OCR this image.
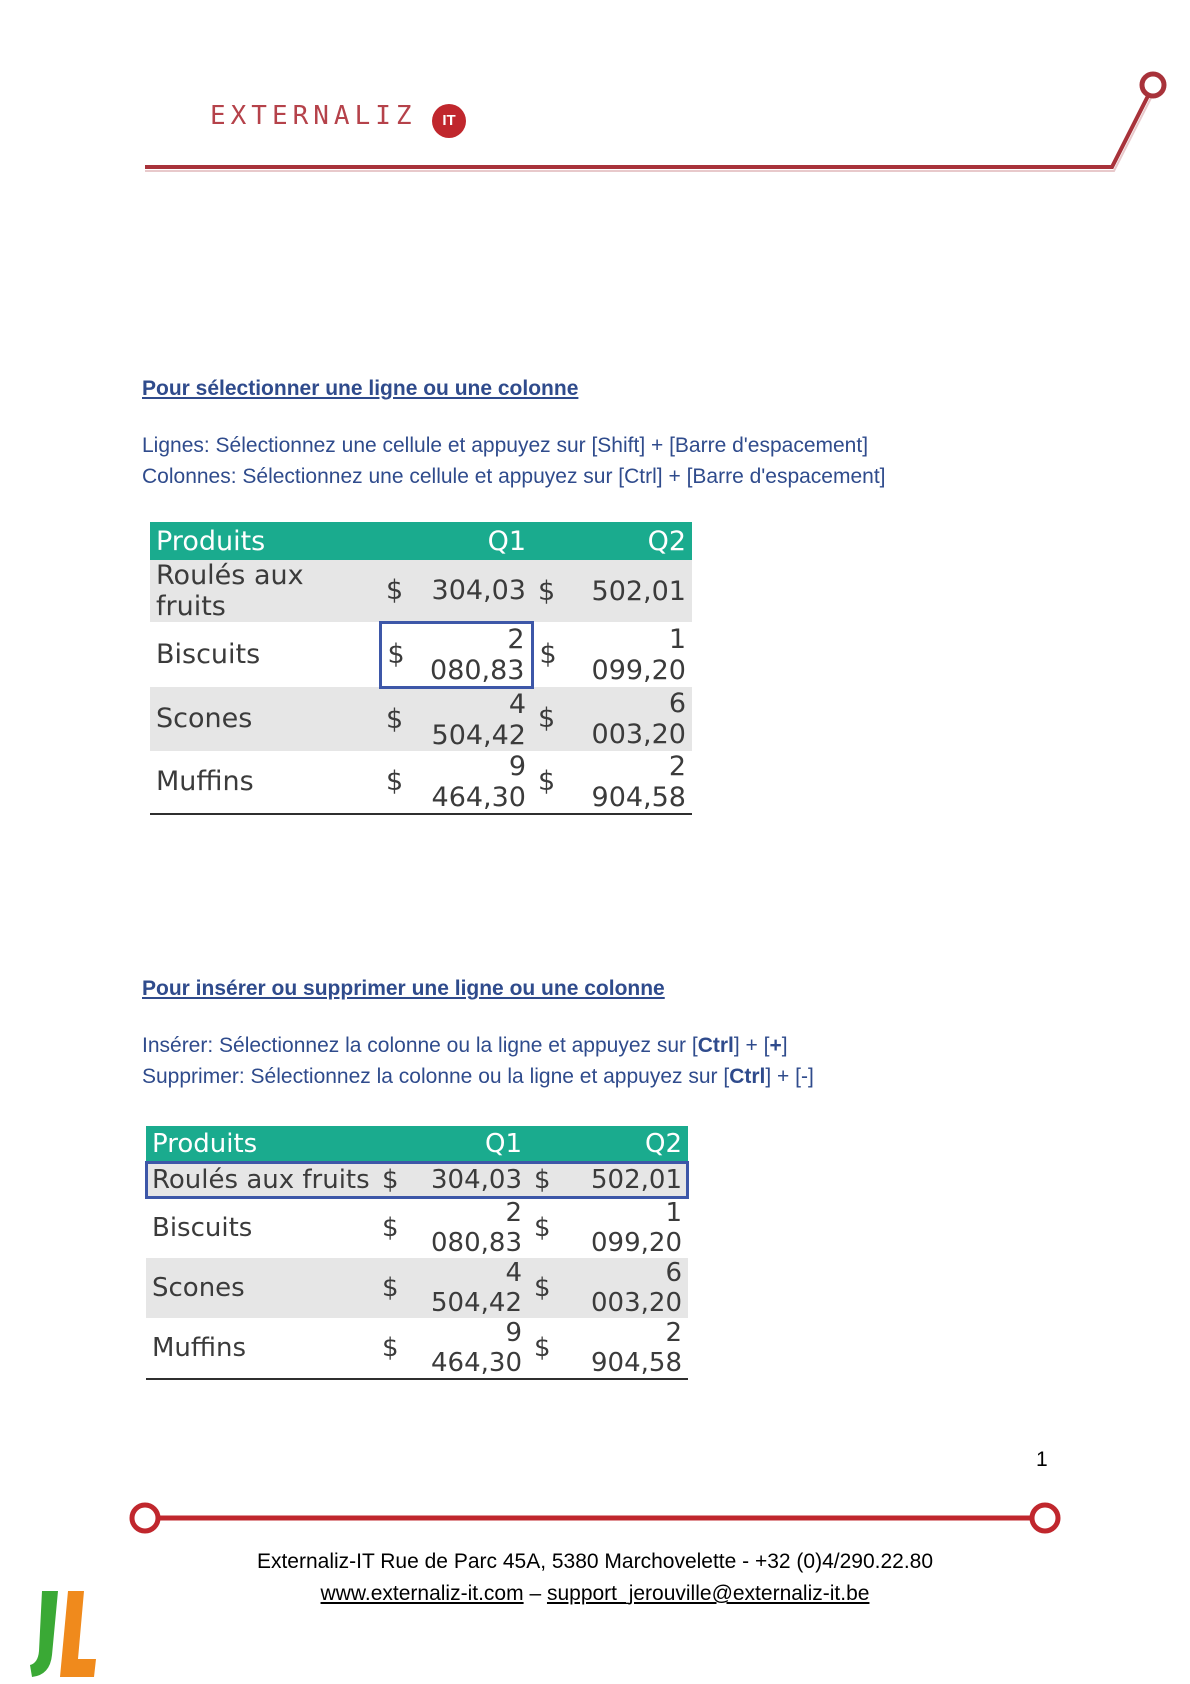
EXTERNALIZ	IT
Pour sélectionner une ligne ou une colonne
Lignes: Sélectionnez une cellule et appuyez sur [Shift] + [Barre d'espacement]
Colonnes: Sélectionnez une cellule et appuyez sur [Ctrl] + [Barre d'espacement]
Produits	Q1		Q2	
Roulés aux fruits	$	304,03	$	502,01
Biscuits	$	2 080,83	$	1 099,20
Scones	$	4 504,42	$	6 003,20
Muffins	$	9 464,30	$	2 904,58
Pour insérer ou supprimer une ligne ou une colonne
Insérer: Sélectionnez la colonne ou la ligne et appuyez sur [Ctrl] + [+]
Supprimer: Sélectionnez la colonne ou la ligne et appuyez sur [Ctrl] + [-]
Produits	Q1		Q2	
Roulés aux fruits	$	304,03	$	502,01
Biscuits	$	2 080,83	$	1 099,20
Scones	$	4 504,42	$	6 003,20
Muffins	$	9 464,30	$	2 904,58
1
Externaliz-IT Rue de Parc 45A, 5380 Marchovelette - +32 (0)4/290.22.80
www.externaliz-it.com – support_jerouville@externaliz-it.be
